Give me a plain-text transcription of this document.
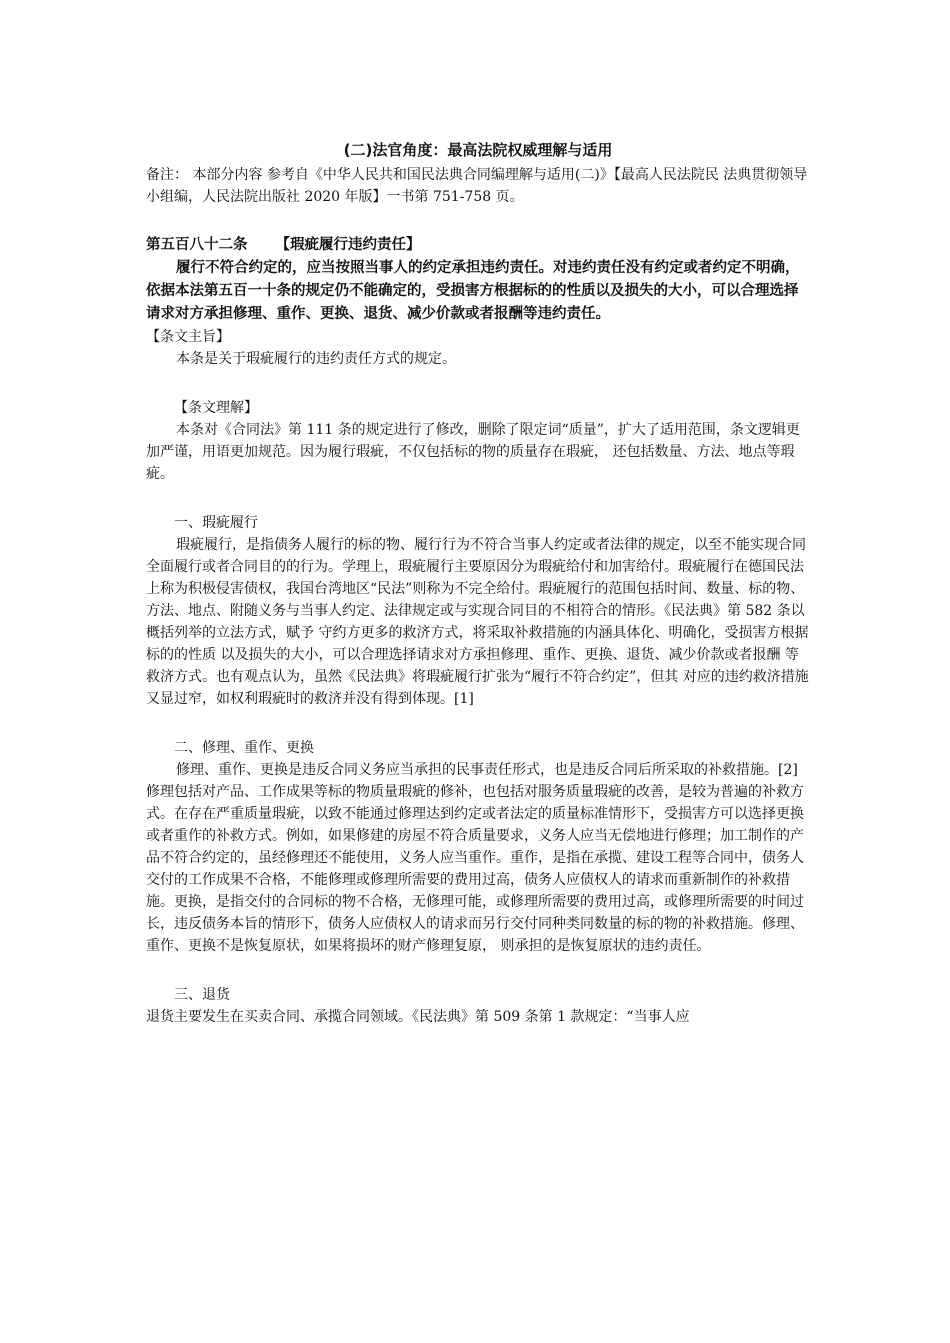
(二)法官角度：最高法院权威理解与适用

备注： 本部分内容 参考自《中华人民共和国民法典合同编理解与适用(二)》【最高人民法院民 法典贯彻领导小组编，人民法院出版社 2020 年版】一书第 751-758 页。

第五百八十二条 【瑕疵履行违约责任】

履行不符合约定的，应当按照当事人的约定承担违约责任。对违约责任没有约定或者约定不明确，依据本法第五百一十条的规定仍不能确定的，受损害方根据标的的性质以及损失的大小，可以合理选择请求对方承担修理、重作、更换、退货、减少价款或者报酬等违约责任。

【条文主旨】

本条是关于瑕疵履行的违约责任方式的规定。

【条文理解】

本条对《合同法》第 111 条的规定进行了修改，删除了限定词“质量”，扩大了适用范围，条文逻辑更加严谨，用语更加规范。因为履行瑕疵，不仅包括标的物的质量存在瑕疵， 还包括数量、方法、地点等瑕疵。

一、瑕疵履行

瑕疵履行，是指债务人履行的标的物、履行行为不符合当事人约定或者法律的规定，以至不能实现合同全面履行或者合同目的的行为。学理上，瑕疵履行主要原因分为瑕疵给付和加害给付。瑕疵履行在德国民法上称为积极侵害债权，我国台湾地区“民法”则称为不完全给付。瑕疵履行的范围包括时间、数量、标的物、方法、地点、附随义务与当事人约定、法律规定或与实现合同目的不相符合的情形。《民法典》第 582 条以概括列举的立法方式，赋予 守约方更多的救济方式，将采取补救措施的内涵具体化、明确化，受损害方根据标的的性质 以及损失的大小，可以合理选择请求对方承担修理、重作、更换、退货、减少价款或者报酬 等救济方式。也有观点认为，虽然《民法典》将瑕疵履行扩张为“履行不符合约定”，但其 对应的违约救济措施又显过窄，如权利瑕疵时的救济并没有得到体现。[1]

二、修理、重作、更换

修理、重作、更换是违反合同义务应当承担的民事责任形式，也是违反合同后所采取的补救措施。[2]修理包括对产品、工作成果等标的物质量瑕疵的修补，也包括对服务质量瑕疵的改善，是较为普遍的补救方式。在存在严重质量瑕疵，以致不能通过修理达到约定或者法定的质量标准情形下，受损害方可以选择更换或者重作的补救方式。例如，如果修建的房屋不符合质量要求，义务人应当无偿地进行修理；加工制作的产品不符合约定的，虽经修理还不能使用，义务人应当重作。重作，是指在承揽、建设工程等合同中，债务人交付的工作成果不合格，不能修理或修理所需要的费用过高，债务人应债权人的请求而重新制作的补救措施。更换，是指交付的合同标的物不合格，无修理可能，或修理所需要的费用过高，或修理所需要的时间过长，违反债务本旨的情形下，债务人应债权人的请求而另行交付同种类同数量的标的物的补救措施。修理、重作、更换不是恢复原状，如果将损坏的财产修理复原， 则承担的是恢复原状的违约责任。

三、退货

退货主要发生在买卖合同、承揽合同领域。《民法典》第 509 条第 1 款规定：“当事人应
